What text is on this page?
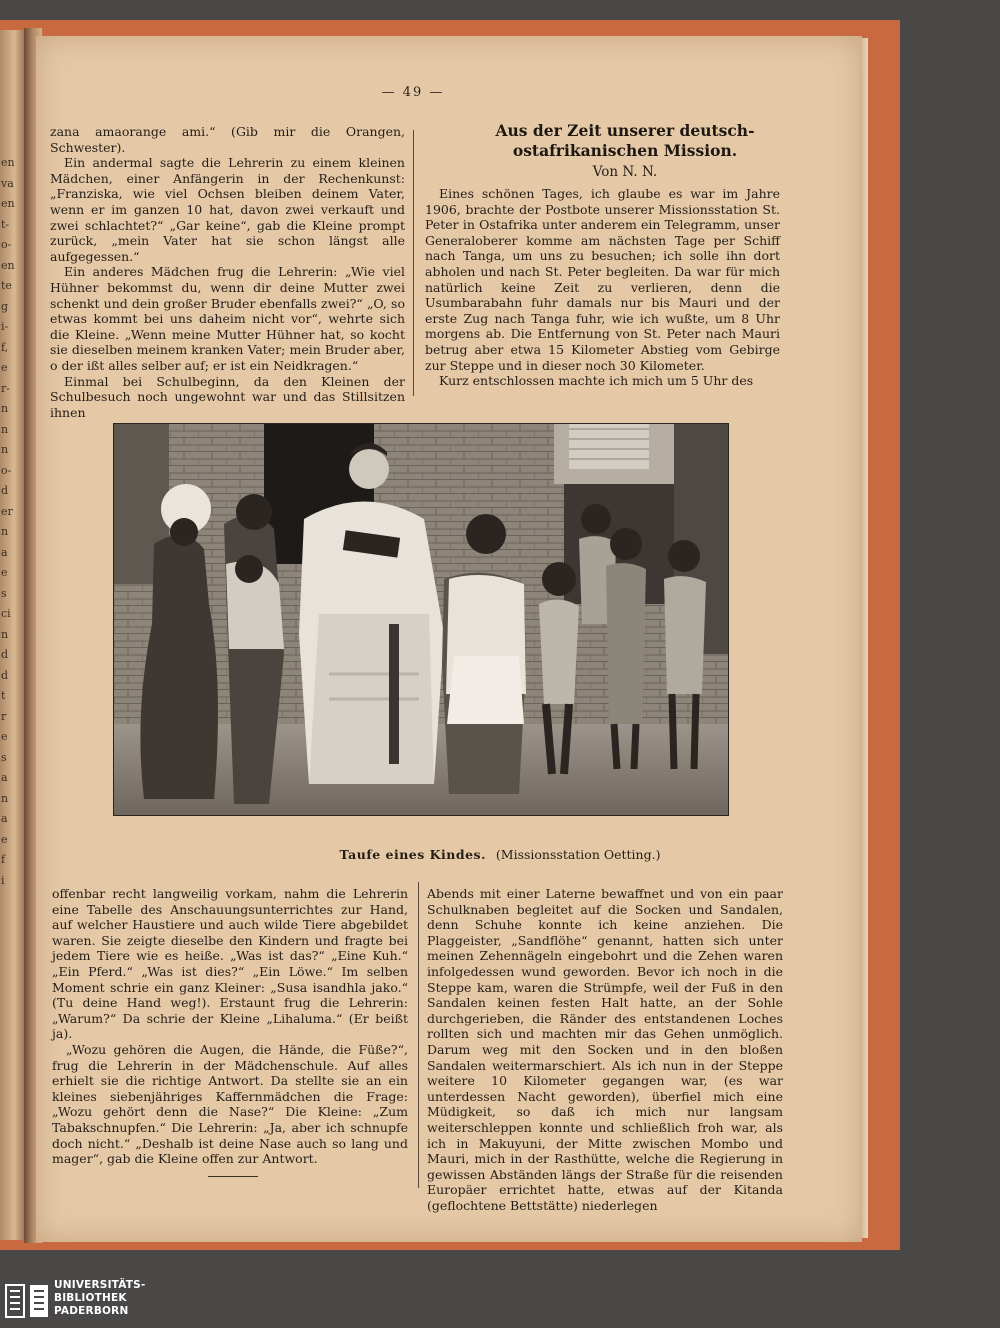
en
va
en
t-
o-
en
te
g
i-
f,
e
r-
n
n
n
o-
d
er
n
a
e
s
ci
n
d
d
t
r
e
s
a
n
a
e
f
i
— 49 —

zana amaorange ami.“ (Gib mir die Orangen, Schwester).

Ein andermal sagte die Lehrerin zu einem kleinen Mädchen, einer Anfängerin in der Rechenkunst: „Franziska, wie viel Ochsen bleiben deinem Vater, wenn er im ganzen 10 hat, davon zwei verkauft und zwei schlachtet?“ „Gar keine“, gab die Kleine prompt zurück, „mein Vater hat sie schon längst alle aufgegessen.“

Ein anderes Mädchen frug die Lehrerin: „Wie viel Hühner bekommst du, wenn dir deine Mutter zwei schenkt und dein großer Bruder ebenfalls zwei?“ „O, so etwas kommt bei uns daheim nicht vor“, wehrte sich die Kleine. „Wenn meine Mutter Hühner hat, so kocht sie dieselben meinem kranken Vater; mein Bruder aber, o der ißt alles selber auf; er ist ein Neidkragen.“

Einmal bei Schulbeginn, da den Kleinen der Schulbesuch noch ungewohnt war und das Stillsitzen ihnen

Aus der Zeit unserer deutsch-
ostafrikanischen Mission.
Von N. N.

Eines schönen Tages, ich glaube es war im Jahre 1906, brachte der Postbote unserer Missionsstation St. Peter in Ostafrika unter anderem ein Telegramm, unser Generaloberer komme am nächsten Tage per Schiff nach Tanga, um uns zu besuchen; ich solle ihn dort abholen und nach St. Peter begleiten. Da war für mich natürlich keine Zeit zu verlieren, denn die Usumbarabahn fuhr damals nur bis Mauri und der erste Zug nach Tanga fuhr, wie ich wußte, um 8 Uhr morgens ab. Die Entfernung von St. Peter nach Mauri betrug aber etwa 15 Kilometer Abstieg vom Gebirge zur Steppe und in dieser noch 30 Kilometer.

Kurz entschlossen machte ich mich um 5 Uhr des

Taufe eines Kindes. (Missionsstation Oetting.)

offenbar recht langweilig vorkam, nahm die Lehrerin eine Tabelle des Anschauungsunterrichtes zur Hand, auf welcher Haustiere und auch wilde Tiere abgebildet waren. Sie zeigte dieselbe den Kindern und fragte bei jedem Tiere wie es heiße. „Was ist das?“ „Eine Kuh.“ „Ein Pferd.“ „Was ist dies?“ „Ein Löwe.“ Im selben Moment schrie ein ganz Kleiner: „Susa isandhla jako.“ (Tu deine Hand weg!). Erstaunt frug die Lehrerin: „Warum?“ Da schrie der Kleine „Lihaluma.“ (Er beißt ja).

„Wozu gehören die Augen, die Hände, die Füße?“, frug die Lehrerin in der Mädchenschule. Auf alles erhielt sie die richtige Antwort. Da stellte sie an ein kleines siebenjähriges Kaffernmädchen die Frage: „Wozu gehört denn die Nase?“ Die Kleine: „Zum Tabakschnupfen.“ Die Lehrerin: „Ja, aber ich schnupfe doch nicht.“ „Deshalb ist deine Nase auch so lang und mager“, gab die Kleine offen zur Antwort.

Abends mit einer Laterne bewaffnet und von ein paar Schulknaben begleitet auf die Socken und Sandalen, denn Schuhe konnte ich keine anziehen. Die Plaggeister, „Sandflöhe“ genannt, hatten sich unter meinen Zehennägeln eingebohrt und die Zehen waren infolgedessen wund geworden. Bevor ich noch in die Steppe kam, waren die Strümpfe, weil der Fuß in den Sandalen keinen festen Halt hatte, an der Sohle durchgerieben, die Ränder des entstandenen Loches rollten sich und machten mir das Gehen unmöglich. Darum weg mit den Socken und in den bloßen Sandalen weitermarschiert. Als ich nun in der Steppe weitere 10 Kilometer gegangen war, (es war unterdessen Nacht geworden), überfiel mich eine Müdigkeit, so daß ich mich nur langsam weiterschleppen konnte und schließlich froh war, als ich in Makuyuni, der Mitte zwischen Mombo und Mauri, mich in der Rasthütte, welche die Regierung in gewissen Abständen längs der Straße für die reisenden Europäer errichtet hatte, etwas auf der Kitanda (geflochtene Bettstätte) niederlegen

UNIVERSITÄTS-
BIBLIOTHEK
PADERBORN
